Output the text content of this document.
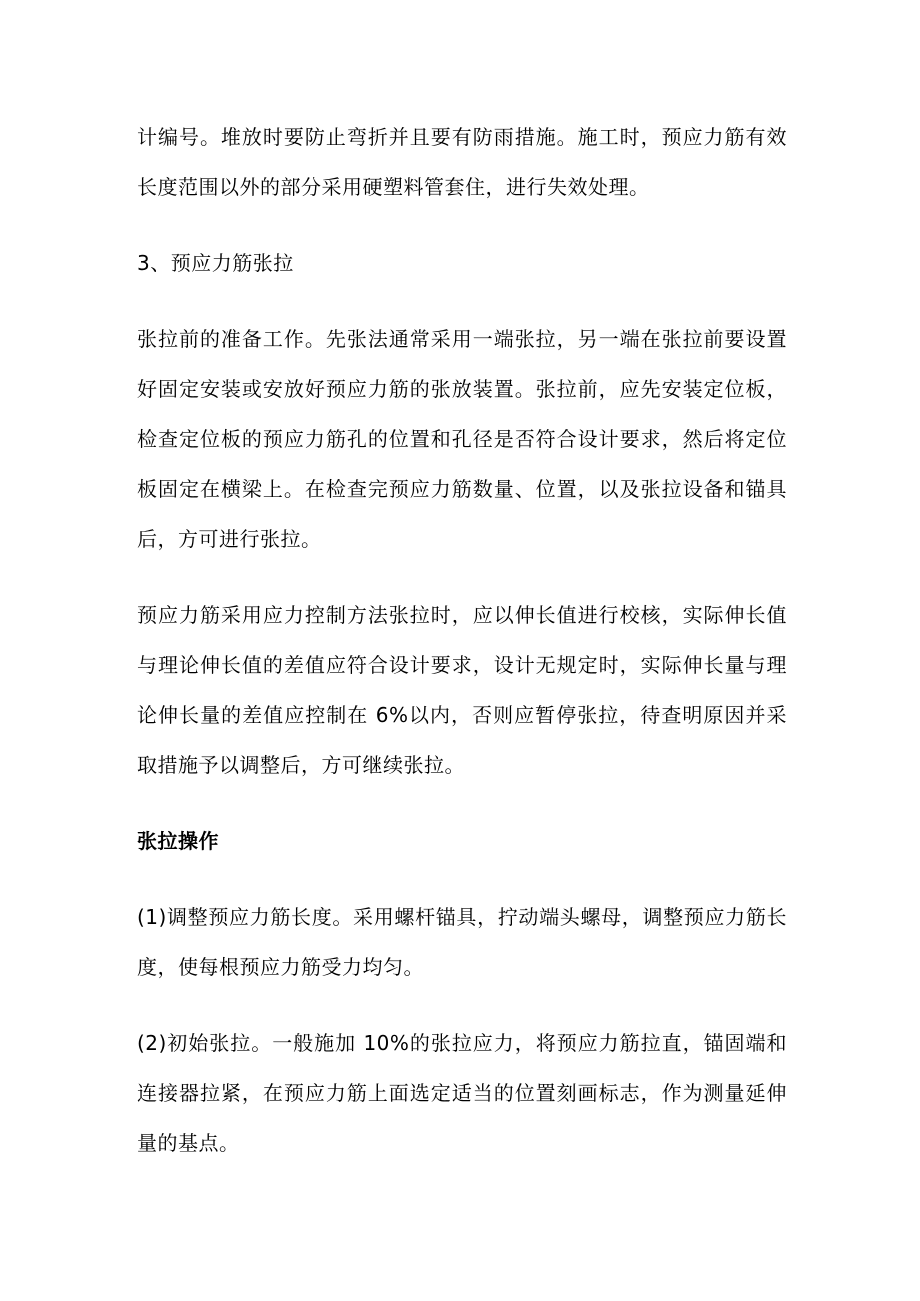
计编号。堆放时要防止弯折并且要有防雨措施。施工时，预应力筋有效长度范围以外的部分采用硬塑料管套住，进行失效处理。

3、预应力筋张拉

张拉前的准备工作。先张法通常采用一端张拉，另一端在张拉前要设置好固定安装或安放好预应力筋的张放装置。张拉前，应先安装定位板，检查定位板的预应力筋孔的位置和孔径是否符合设计要求，然后将定位板固定在横梁上。在检查完预应力筋数量、位置，以及张拉设备和锚具后，方可进行张拉。

预应力筋采用应力控制方法张拉时，应以伸长值进行校核，实际伸长值与理论伸长值的差值应符合设计要求，设计无规定时，实际伸长量与理论伸长量的差值应控制在 6%以内，否则应暂停张拉，待查明原因并采取措施予以调整后，方可继续张拉。

张拉操作

(1)调整预应力筋长度。采用螺杆锚具，拧动端头螺母，调整预应力筋长度，使每根预应力筋受力均匀。

(2)初始张拉。一般施加 10%的张拉应力，将预应力筋拉直，锚固端和连接器拉紧，在预应力筋上面选定适当的位置刻画标志，作为测量延伸量的基点。
